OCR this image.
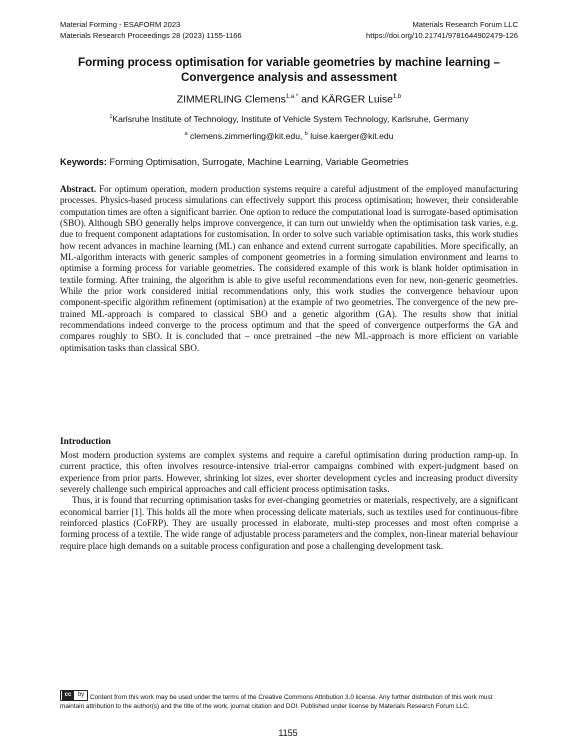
Material Forming - ESAFORM 2023	Materials Research Forum LLC
Materials Research Proceedings 28 (2023) 1155-1166	https://doi.org/10.21741/9781644902479-126
Forming process optimisation for variable geometries by machine learning – Convergence analysis and assessment
ZIMMERLING Clemens$^{1,a *}$ and KÄRGER Luise$^{1,b}$
$^1$Karlsruhe Institute of Technology, Institute of Vehicle System Technology, Karlsruhe, Germany
$^a$ clemens.zimmerling@kit.edu, $^b$ luise.kaerger@kit.edu
Keywords: Forming Optimisation, Surrogate, Machine Learning, Variable Geometries

Abstract. For optimum operation, modern production systems require a careful adjustment of the employed manufacturing processes. Physics-based process simulations can effectively support this process optimisation; however, their considerable computation times are often a significant barrier. One option to reduce the computational load is surrogate-based optimisation (SBO). Although SBO generally helps improve convergence, it can turn out unwieldy when the optimisation task varies, e.g. due to frequent component adaptations for customisation. In order to solve such variable optimisation tasks, this work studies how recent advances in machine learning (ML) can enhance and extend current surrogate capabilities. More specifically, an ML-algorithm interacts with generic samples of component geometries in a forming simulation environment and learns to optimise a forming process for variable geometries. The considered example of this work is blank holder optimisation in textile forming. After training, the algorithm is able to give useful recommendations even for new, non-generic geometries. While the prior work considered initial recommendations only, this work studies the convergence behaviour upon component-specific algorithm refinement (optimisation) at the example of two geometries. The convergence of the new pre-trained ML-approach is compared to classical SBO and a genetic algorithm (GA). The results show that initial recommendations indeed converge to the process optimum and that the speed of convergence outperforms the GA and compares roughly to SBO. It is concluded that – once pretrained –the new ML-approach is more efficient on variable optimisation tasks than classical SBO.

Introduction

Most modern production systems are complex systems and require a careful optimisation during production ramp-up. In current practice, this often involves resource-intensive trial-error campaigns combined with expert-judgment based on experience from prior parts. However, shrinking lot sizes, ever shorter development cycles and increasing product diversity severely challenge such empirical approaches and call efficient process optimisation tasks.

Thus, it is found that recurring optimisation tasks for ever-changing geometries or materials, respectively, are a significant economical barrier [1]. This holds all the more when processing delicate materials, such as textiles used for continuous-fibre reinforced plastics (CoFRP). They are usually processed in elaborate, multi-step processes and most often comprise a forming process of a textile. The wide range of adjustable process parameters and the complex, non-linear material behaviour require place high demands on a suitable process configuration and pose a challenging development task.

cc	by Content from this work may be used under the terms of the Creative Commons Attribution 3.0 license. Any further distribution of this work must maintain attribution to the author(s) and the title of the work, journal citation and DOI. Published under license by Materials Research Forum LLC.
1155
